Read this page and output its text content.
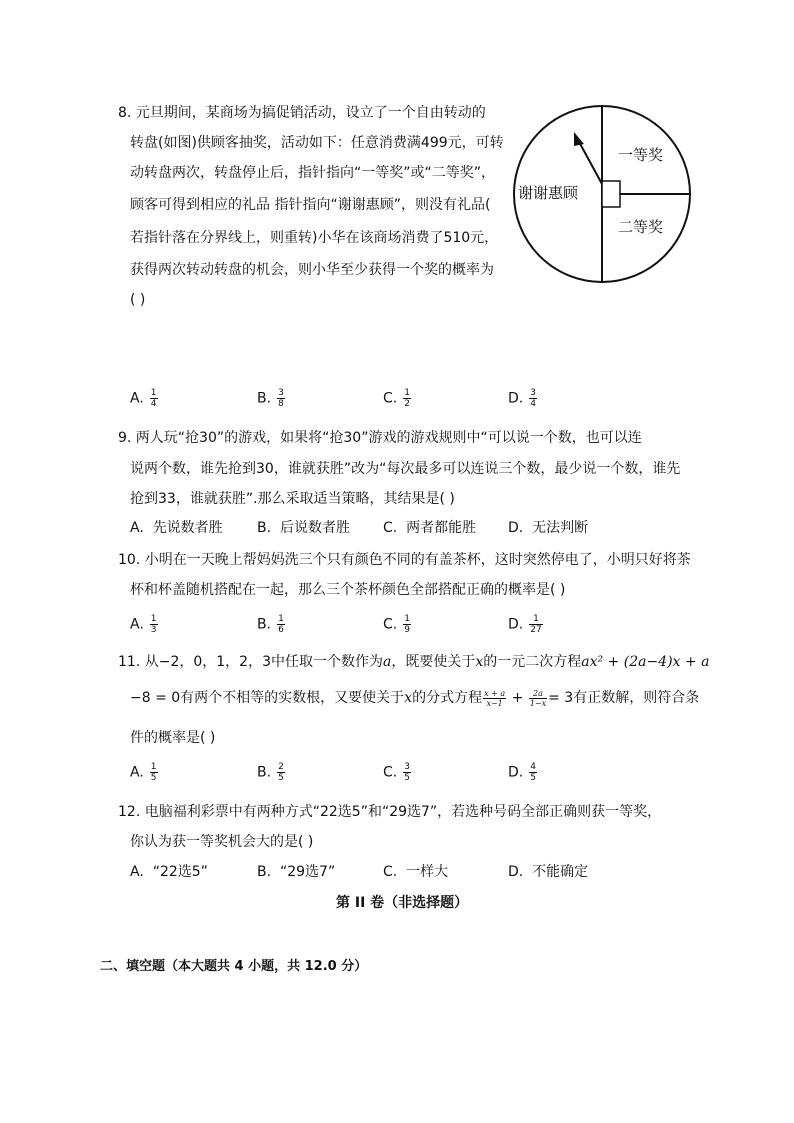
8. 元旦期间，某商场为搞促销活动，设立了一个自由转动的
转盘(如图)供顾客抽奖，活动如下：任意消费满499元，可转
动转盘两次，转盘停止后，指针指向“一等奖”或“二等奖”，
顾客可得到相应的礼品 指针指向“谢谢惠顾”，则没有礼品(
若指针落在分界线上，则重转)小华在该商场消费了510元，
获得两次转动转盘的机会，则小华至少获得一个奖的概率为
( )
谢谢惠顾
一等奖
二等奖
A. $\frac{1}{4}$	B. $\frac{3}{8}$	C. $\frac{1}{2}$	D. $\frac{3}{4}$
9. 两人玩“抢30”的游戏，如果将“抢30”游戏的游戏规则中“可以说一个数，也可以连
说两个数，谁先抢到30，谁就获胜”改为“每次最多可以连说三个数，最少说一个数，谁先
抢到33，谁就获胜”.那么采取适当策略，其结果是( )
A. 先说数者胜 B. 后说数者胜 C. 两者都能胜 D. 无法判断
10. 小明在一天晚上帮妈妈洗三个只有颜色不同的有盖茶杯，这时突然停电了，小明只好将茶
杯和杯盖随机搭配在一起，那么三个茶杯颜色全部搭配正确的概率是( )
A. $\frac{1}{3}$	B. $\frac{1}{6}$	C. $\frac{1}{9}$	D. $\frac{1}{27}$
11. 从−2，0，1，2，3中任取一个数作为a，既要使关于x的一元二次方程ax² + (2a−4)x + a
−8 = 0有两个不相等的实数根，又要使关于x的分式方程 $\frac{x + a}{x-1} + \frac{2a}{1-x} = 3$有正数解，则符合条
件的概率是( )
A. $\frac{1}{5}$	B. $\frac{2}{5}$	C. $\frac{3}{5}$	D. $\frac{4}{5}$
12. 电脑福利彩票中有两种方式“22选5”和“29选7”，若选种号码全部正确则获一等奖，
你认为获一等奖机会大的是( )
A. “22选5”	B. “29选7”	C. 一样大	D. 不能确定
第 II 卷（非选择题）
二、填空题（本大题共 4 小题，共 12.0 分）
